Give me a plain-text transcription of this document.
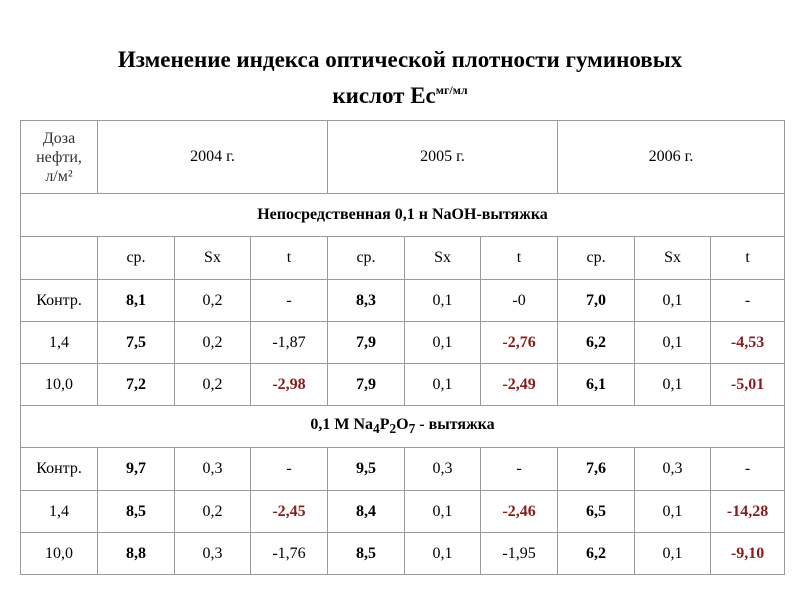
Изменение индекса оптической плотности гуминовых
кислот $Ec^{мг/мл}$
Доза
нефти,
л/м²	2004 г.			2005 г.			2006 г.		
Непосредственная 0,1 н NaOH-вытяжка									
	ср.	Sx	t	ср.	Sx	t	ср.	Sx	t
Контр.	8,1	0,2	-	8,3	0,1	-0	7,0	0,1	-
1,4	7,5	0,2	-1,87	7,9	0,1	-2,76	6,2	0,1	-4,53
10,0	7,2	0,2	-2,98	7,9	0,1	-2,49	6,1	0,1	-5,01
0,1 М $Na_4P_2O_7$ - вытяжка									
Контр.	9,7	0,3	-	9,5	0,3	-	7,6	0,3	-
1,4	8,5	0,2	-2,45	8,4	0,1	-2,46	6,5	0,1	-14,28
10,0	8,8	0,3	-1,76	8,5	0,1	-1,95	6,2	0,1	-9,10
